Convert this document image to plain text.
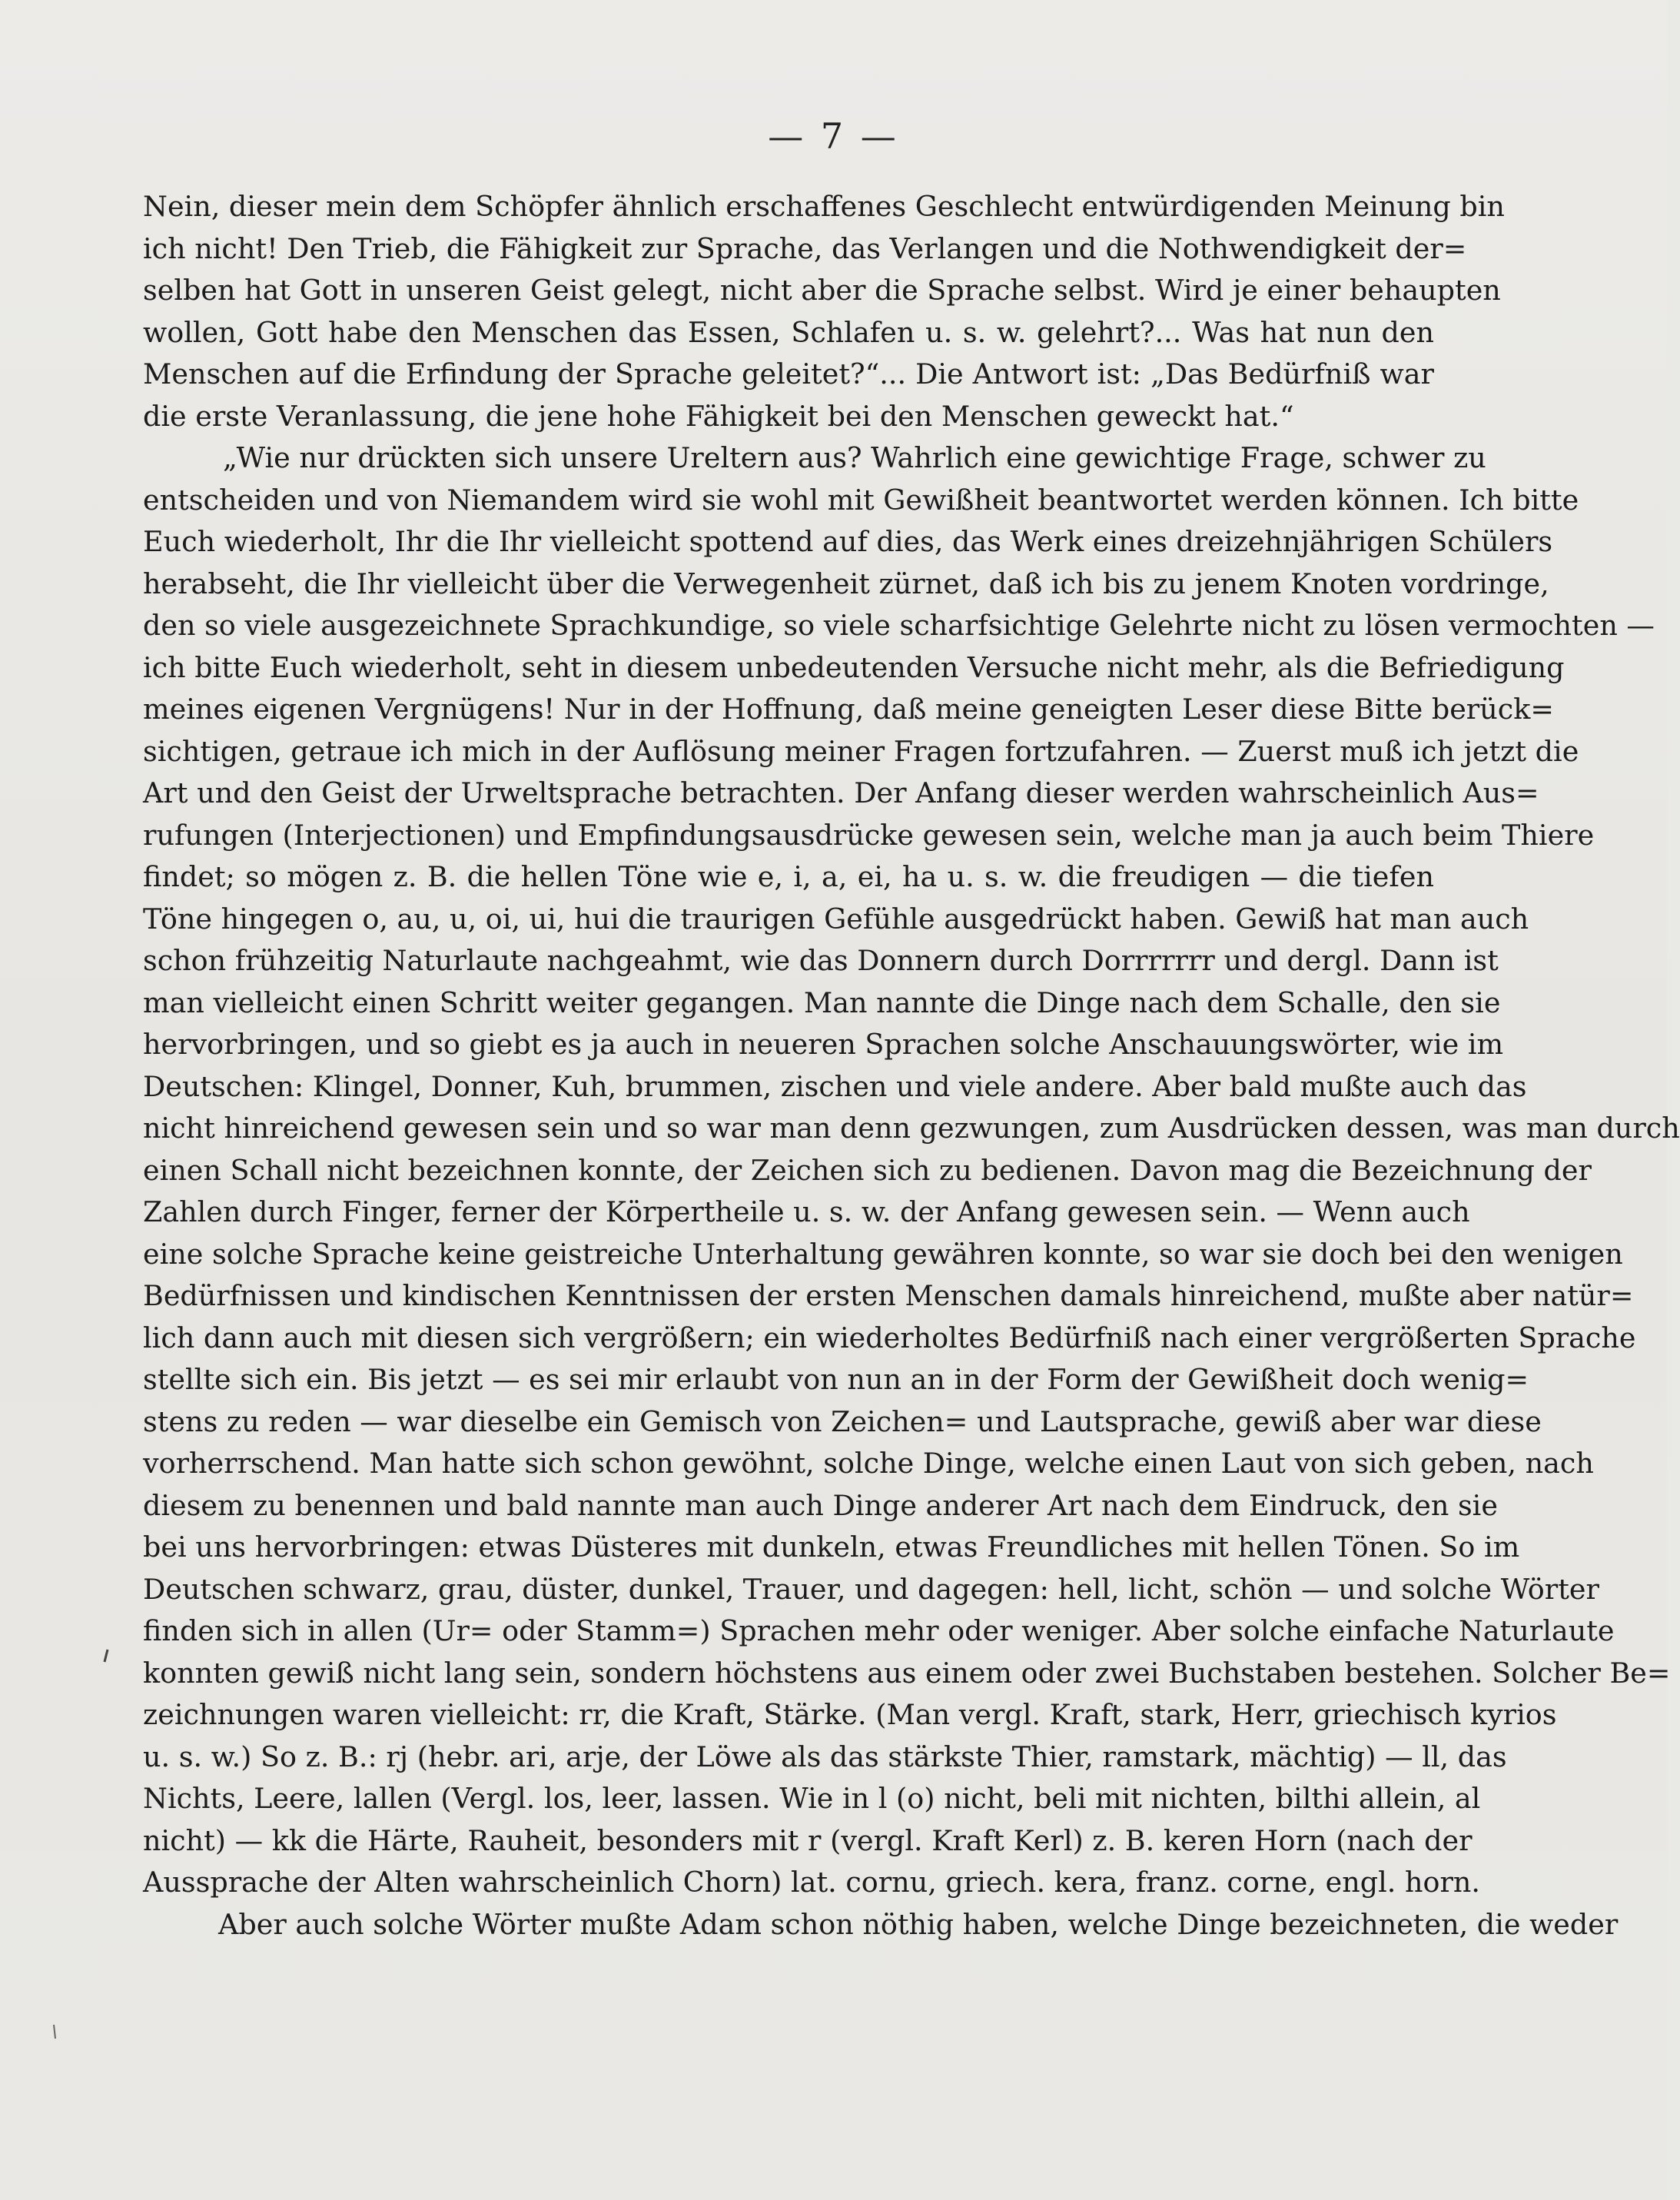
— 7 —
Nein, dieser mein dem Schöpfer ähnlich erschaffenes Geschlecht entwürdigenden Meinung bin
ich nicht! Den Trieb, die Fähigkeit zur Sprache, das Verlangen und die Nothwendigkeit der=
selben hat Gott in unseren Geist gelegt, nicht aber die Sprache selbst. Wird je einer behaupten
wollen, Gott habe den Menschen das Essen, Schlafen u. s. w. gelehrt?... Was hat nun den
Menschen auf die Erfindung der Sprache geleitet?“... Die Antwort ist: „Das Bedürfniß war
die erste Veranlassung, die jene hohe Fähigkeit bei den Menschen geweckt hat.“
„Wie nur drückten sich unsere Ureltern aus? Wahrlich eine gewichtige Frage, schwer zu
entscheiden und von Niemandem wird sie wohl mit Gewißheit beantwortet werden können. Ich bitte
Euch wiederholt, Ihr die Ihr vielleicht spottend auf dies, das Werk eines dreizehnjährigen Schülers
herabseht, die Ihr vielleicht über die Verwegenheit zürnet, daß ich bis zu jenem Knoten vordringe,
den so viele ausgezeichnete Sprachkundige, so viele scharfsichtige Gelehrte nicht zu lösen vermochten —
ich bitte Euch wiederholt, seht in diesem unbedeutenden Versuche nicht mehr, als die Befriedigung
meines eigenen Vergnügens! Nur in der Hoffnung, daß meine geneigten Leser diese Bitte berück=
sichtigen, getraue ich mich in der Auflösung meiner Fragen fortzufahren. — Zuerst muß ich jetzt die
Art und den Geist der Urweltsprache betrachten. Der Anfang dieser werden wahrscheinlich Aus=
rufungen (Interjectionen) und Empfindungsausdrücke gewesen sein, welche man ja auch beim Thiere
findet; so mögen z. B. die hellen Töne wie e, i, a, ei, ha u. s. w. die freudigen — die tiefen
Töne hingegen o, au, u, oi, ui, hui die traurigen Gefühle ausgedrückt haben. Gewiß hat man auch
schon frühzeitig Naturlaute nachgeahmt, wie das Donnern durch Dorrrrrrr und dergl. Dann ist
man vielleicht einen Schritt weiter gegangen. Man nannte die Dinge nach dem Schalle, den sie
hervorbringen, und so giebt es ja auch in neueren Sprachen solche Anschauungswörter, wie im
Deutschen: Klingel, Donner, Kuh, brummen, zischen und viele andere. Aber bald mußte auch das
nicht hinreichend gewesen sein und so war man denn gezwungen, zum Ausdrücken dessen, was man durch
einen Schall nicht bezeichnen konnte, der Zeichen sich zu bedienen. Davon mag die Bezeichnung der
Zahlen durch Finger, ferner der Körpertheile u. s. w. der Anfang gewesen sein. — Wenn auch
eine solche Sprache keine geistreiche Unterhaltung gewähren konnte, so war sie doch bei den wenigen
Bedürfnissen und kindischen Kenntnissen der ersten Menschen damals hinreichend, mußte aber natür=
lich dann auch mit diesen sich vergrößern; ein wiederholtes Bedürfniß nach einer vergrößerten Sprache
stellte sich ein. Bis jetzt — es sei mir erlaubt von nun an in der Form der Gewißheit doch wenig=
stens zu reden — war dieselbe ein Gemisch von Zeichen= und Lautsprache, gewiß aber war diese
vorherrschend. Man hatte sich schon gewöhnt, solche Dinge, welche einen Laut von sich geben, nach
diesem zu benennen und bald nannte man auch Dinge anderer Art nach dem Eindruck, den sie
bei uns hervorbringen: etwas Düsteres mit dunkeln, etwas Freundliches mit hellen Tönen. So im
Deutschen schwarz, grau, düster, dunkel, Trauer, und dagegen: hell, licht, schön — und solche Wörter
finden sich in allen (Ur= oder Stamm=) Sprachen mehr oder weniger. Aber solche einfache Naturlaute
konnten gewiß nicht lang sein, sondern höchstens aus einem oder zwei Buchstaben bestehen. Solcher Be=
zeichnungen waren vielleicht: rr, die Kraft, Stärke. (Man vergl. Kraft, stark, Herr, griechisch kyrios
u. s. w.) So z. B.: rj (hebr. ari, arje, der Löwe als das stärkste Thier, ramstark, mächtig) — ll, das
Nichts, Leere, lallen (Vergl. los, leer, lassen. Wie in l (o) nicht, beli mit nichten, bilthi allein, al
nicht) — kk die Härte, Rauheit, besonders mit r (vergl. Kraft Kerl) z. B. keren Horn (nach der
Aussprache der Alten wahrscheinlich Chorn) lat. cornu, griech. kera, franz. corne, engl. horn.
Aber auch solche Wörter mußte Adam schon nöthig haben, welche Dinge bezeichneten, die weder
